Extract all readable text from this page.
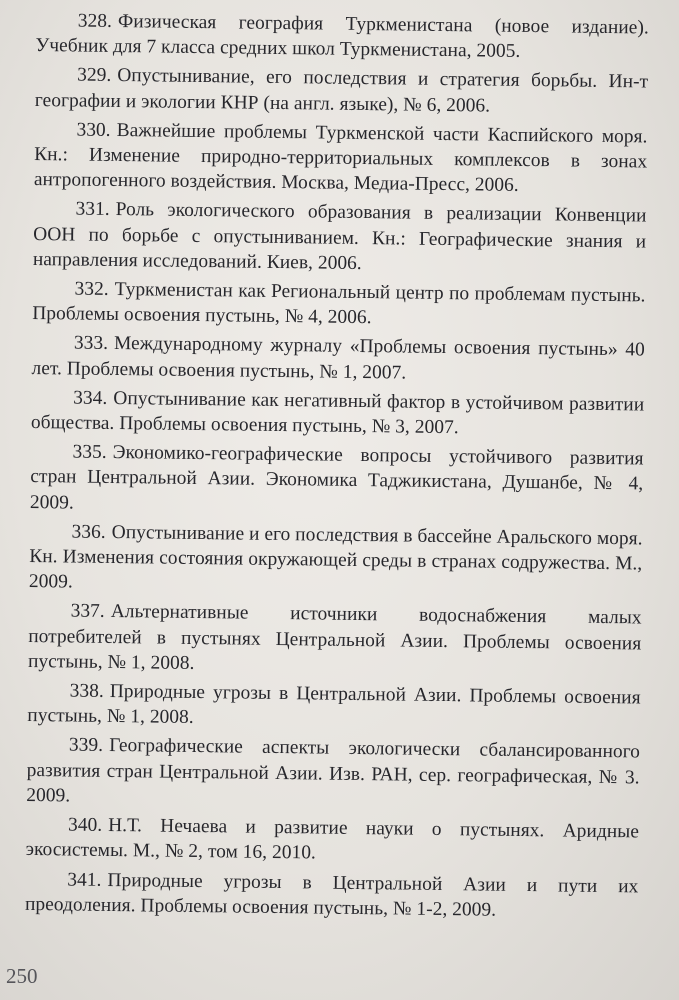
328. Физическая география Туркменистана (новое издание). Учебник для 7 класса средних школ Туркменистана, 2005.

329. Опустынивание, его последствия и стратегия борьбы. Ин-т географии и экологии КНР (на англ. языке), № 6, 2006.

330. Важнейшие проблемы Туркменской части Каспийского моря. Кн.: Изменение природно-территориальных комплексов в зонах антропогенного воздействия. Москва, Медиа-Пресс, 2006.

331. Роль экологического образования в реализации Конвенции ООН по борьбе с опустыниванием. Кн.: Географические знания и направления исследований. Киев, 2006.

332. Туркменистан как Региональный центр по проблемам пустынь. Проблемы освоения пустынь, № 4, 2006.

333. Международному журналу «Проблемы освоения пустынь» 40 лет. Проблемы освоения пустынь, № 1, 2007.

334. Опустынивание как негативный фактор в устойчивом развитии общества. Проблемы освоения пустынь, № 3, 2007.

335. Экономико-географические вопросы устойчивого развития стран Центральной Азии. Экономика Таджикистана, Душанбе, № 4, 2009.

336. Опустынивание и его последствия в бассейне Аральского моря. Кн. Изменения состояния окружающей среды в странах содружества. М., 2009.

337. Альтернативные источники водоснабжения малых потребителей в пустынях Центральной Азии. Проблемы освоения пустынь, № 1, 2008.

338. Природные угрозы в Центральной Азии. Проблемы освоения пустынь, № 1, 2008.

339. Географические аспекты экологически сбалансированного развития стран Центральной Азии. Изв. РАН, сер. географическая, № 3. 2009.

340. Н.Т. Нечаева и развитие науки о пустынях. Аридные экосистемы. М., № 2, том 16, 2010.

341. Природные угрозы в Центральной Азии и пути их преодоления. Проблемы освоения пустынь, № 1-2, 2009.

250
